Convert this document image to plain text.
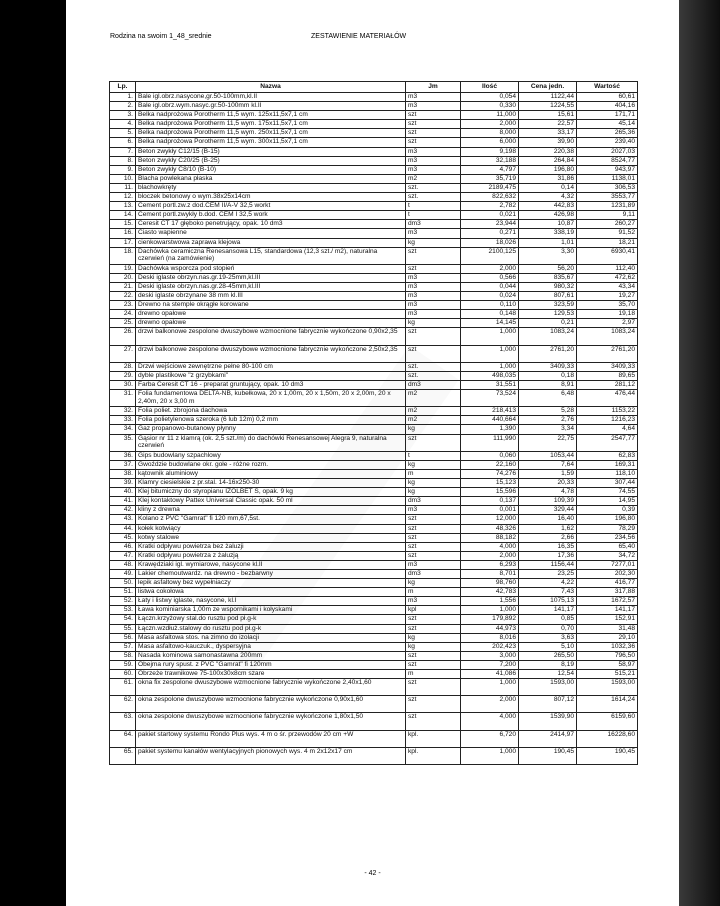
Rodzina na swoim 1_48_srednie	ZESTAWIENIE MATERIAŁÓW
Lp.	Nazwa	Jm	Ilość	Cena jedn.	Wartość
1.	Bale igl.obrz.nasycone,gr.50-100mm,kl.II	m3	0,054	1122,44	60,61
2.	Bale igl.obrz.wym.nasyc.gr.50-100mm kl.II	m3	0,330	1224,55	404,16
3.	Belka nadprożowa Porotherm 11,5 wym. 125x11,5x7,1 cm	szt	11,000	15,61	171,71
4.	Belka nadprożowa Porotherm 11,5 wym. 175x11,5x7,1 cm	szt	2,000	22,57	45,14
5.	Belka nadprożowa Porotherm 11,5 wym. 250x11,5x7,1 cm	szt	8,000	33,17	265,36
6.	Belka nadprożowa Porotherm 11,5 wym. 300x11,5x7,1 cm	szt	6,000	39,90	239,40
7.	Beton zwykły C12/15 (B-15)	m3	9,198	220,38	2027,03
8.	Beton zwykły C20/25 (B-25)	m3	32,188	264,84	8524,77
9.	Beton zwykły C8/10 (B-10)	m3	4,797	196,80	943,97
10.	Blacha powlekana płaska	m2	35,719	31,86	1138,01
11.	blachowkręty	szt.	2189,475	0,14	306,53
12.	bloczek betonowy o wym.38x25x14cm	szt.	822,632	4,32	3553,77
13.	Cement portl.zw.z dod.CEM II/A-V 32,5 workt	t	2,782	442,83	1231,89
14.	Cement portl.zwykły b.dod. CEM I 32,5 work	t	0,021	426,98	9,11
15.	Ceresit CT 17 głęboko penetrujący, opak. 10 dm3	dm3	23,944	10,87	260,27
16.	Ciasto wapienne	m3	0,271	338,19	91,52
17.	cienkowarstwowa zaprawa klejowa	kg	18,026	1,01	18,21
18.	Dachówka ceramiczna Renesansowa L15, standardowa (12,3 szt./ m2), naturalna czerwień (na zamówienie)	szt	2100,125	3,30	6930,41
19.	Dachówka wsporcza pod stopień	szt	2,000	56,20	112,40
20.	Deski iglaste obrzyn.nas.gr.19-25mm,kl.III	m3	0,566	835,67	472,62
21.	Deski iglaste obrzyn.nas.gr.28-45mm,kl.III	m3	0,044	980,32	43,34
22.	deski iglaste obrzynane 38 mm kl.III	m3	0,024	807,61	19,27
23.	Drewno na stemple okrągłe korowane	m3	0,110	323,59	35,70
24.	drewno opałowe	m3	0,148	129,53	19,18
25.	drewno opałowe	kg	14,145	0,21	2,97
26.	drzwi balkonowe zespolone dwuszybowe wzmocnione fabrycznie wykończone 0,90x2,35	szt	1,000	1083,24	1083,24
27.	drzwi balkonowe zespolone dwuszybowe wzmocnione fabrycznie wykończone 2,50x2,35	szt	1,000	2761,20	2761,20
28.	Drzwi wejściowe zewnętrzne pełne 80-100 cm	szt.	1,000	3409,33	3409,33
29.	dyble plastikowe "z grzybkami"	szt.	498,035	0,18	89,65
30.	Farba Ceresit CT 16 - preparat gruntujący, opak. 10 dm3	dm3	31,551	8,91	281,12
31.	Folia fundamentowa DELTA-NB, kubełkowa, 20 x 1,00m, 20 x 1,50m, 20 x 2,00m, 20 x 2,40m, 20 x 3,00 m	m2	73,524	6,48	476,44
32.	Folia poliet. zbrojona dachowa	m2	218,413	5,28	1153,22
33.	Folia polietylenowa szeroka (6 lub 12m) 0,2 mm	m2	440,664	2,76	1216,23
34.	Gaz propanowo-butanowy płynny	kg	1,390	3,34	4,64
35.	Gąsior nr 11 z klamrą (ok. 2,5 szt./m) do dachówki Renesansowej Alegra 9, naturalna czerwień	szt	111,990	22,75	2547,77
36.	Gips budowlany szpachlowy	t	0,060	1053,44	62,83
37.	Gwoździe budowlane okr. gołe - różne rozm.	kg	22,160	7,64	169,31
38.	kątownik aluminiowy	m	74,276	1,59	118,10
39.	Klamry ciesielskie z pr.stal. 14-16x250-30	kg	15,123	20,33	307,44
40.	Klej bitumiczny do styropianu IZOLBET S, opak. 9 kg	kg	15,596	4,78	74,55
41.	Klej kontaktowy Pattex Universal Classic opak. 50 ml	dm3	0,137	109,39	14,95
42.	kliny z drewna	m3	0,001	329,44	0,39
43.	Kolano z PVC "Gamrat" fi 120 mm,67,5st.	szt	12,000	16,40	196,80
44.	kołek kotwiący	szt	48,326	1,62	78,29
45.	kotwy stalowe	szt	88,182	2,66	234,56
46.	Kratki odpływu powietrza bez żaluzji	szt	4,000	16,35	65,40
47.	Kratki odpływu powietrza z żaluzją	szt	2,000	17,36	34,72
48.	Krawędziaki igl. wymiarowe, nasycone kl.II	m3	6,293	1156,44	7277,01
49.	Lakier chemoutwardz. na drewno - bezbarwny	dm3	8,701	23,25	202,30
50.	lepik asfaltowy bez wypełniaczy	kg	98,760	4,22	416,77
51.	listwa cokołowa	m	42,783	7,43	317,88
52.	Łaty i listwy iglaste, nasycone, kl.I	m3	1,556	1075,13	1672,57
53.	Ława kominiarska 1,00m ze wspornikami i kołyskami	kpl	1,000	141,17	141,17
54.	Łączn.krzyżowy stal.do rusztu pod pł.g-k	szt	179,892	0,85	152,91
55.	Łączn.wzdłuż.stalowy do rusztu pod pł.g-k	szt	44,973	0,70	31,48
56.	Masa asfaltowa stos. na zimno do izolacji	kg	8,016	3,63	29,10
57.	Masa asfaltowo-kauczuk., dyspersyjna	kg	202,423	5,10	1032,36
58.	Nasada kominowa samonastawna 200mm	szt	3,000	265,50	796,50
59.	Obejma rury spust. z PVC "Gamrat" fi 120mm	szt	7,200	8,19	58,97
60.	Obrzeże trawnikowe 75-100x30x8cm szare	m	41,086	12,54	515,21
61.	okna fix zespolone dwuszybowe wzmocnione fabrycznie wykończone 2,40x1,60	szt	1,000	1593,00	1593,00
62.	okna zespolone dwuszybowe wzmocnione fabrycznie wykończone 0,90x1,60	szt	2,000	807,12	1614,24
63.	okna zespolone dwuszybowe wzmocnione fabrycznie wykończone 1,80x1,50	szt	4,000	1539,90	6159,60
64.	pakiet startowy systemu Rondo Plus wys. 4 m o śr. przewodów 20 cm +W	kpl.	6,720	2414,97	16228,60
65.	pakiet systemu kanałów wentylacyjnych pionowych wys. 4 m 2x12x17 cm	kpl.	1,000	190,45	190,45
- 42 -
